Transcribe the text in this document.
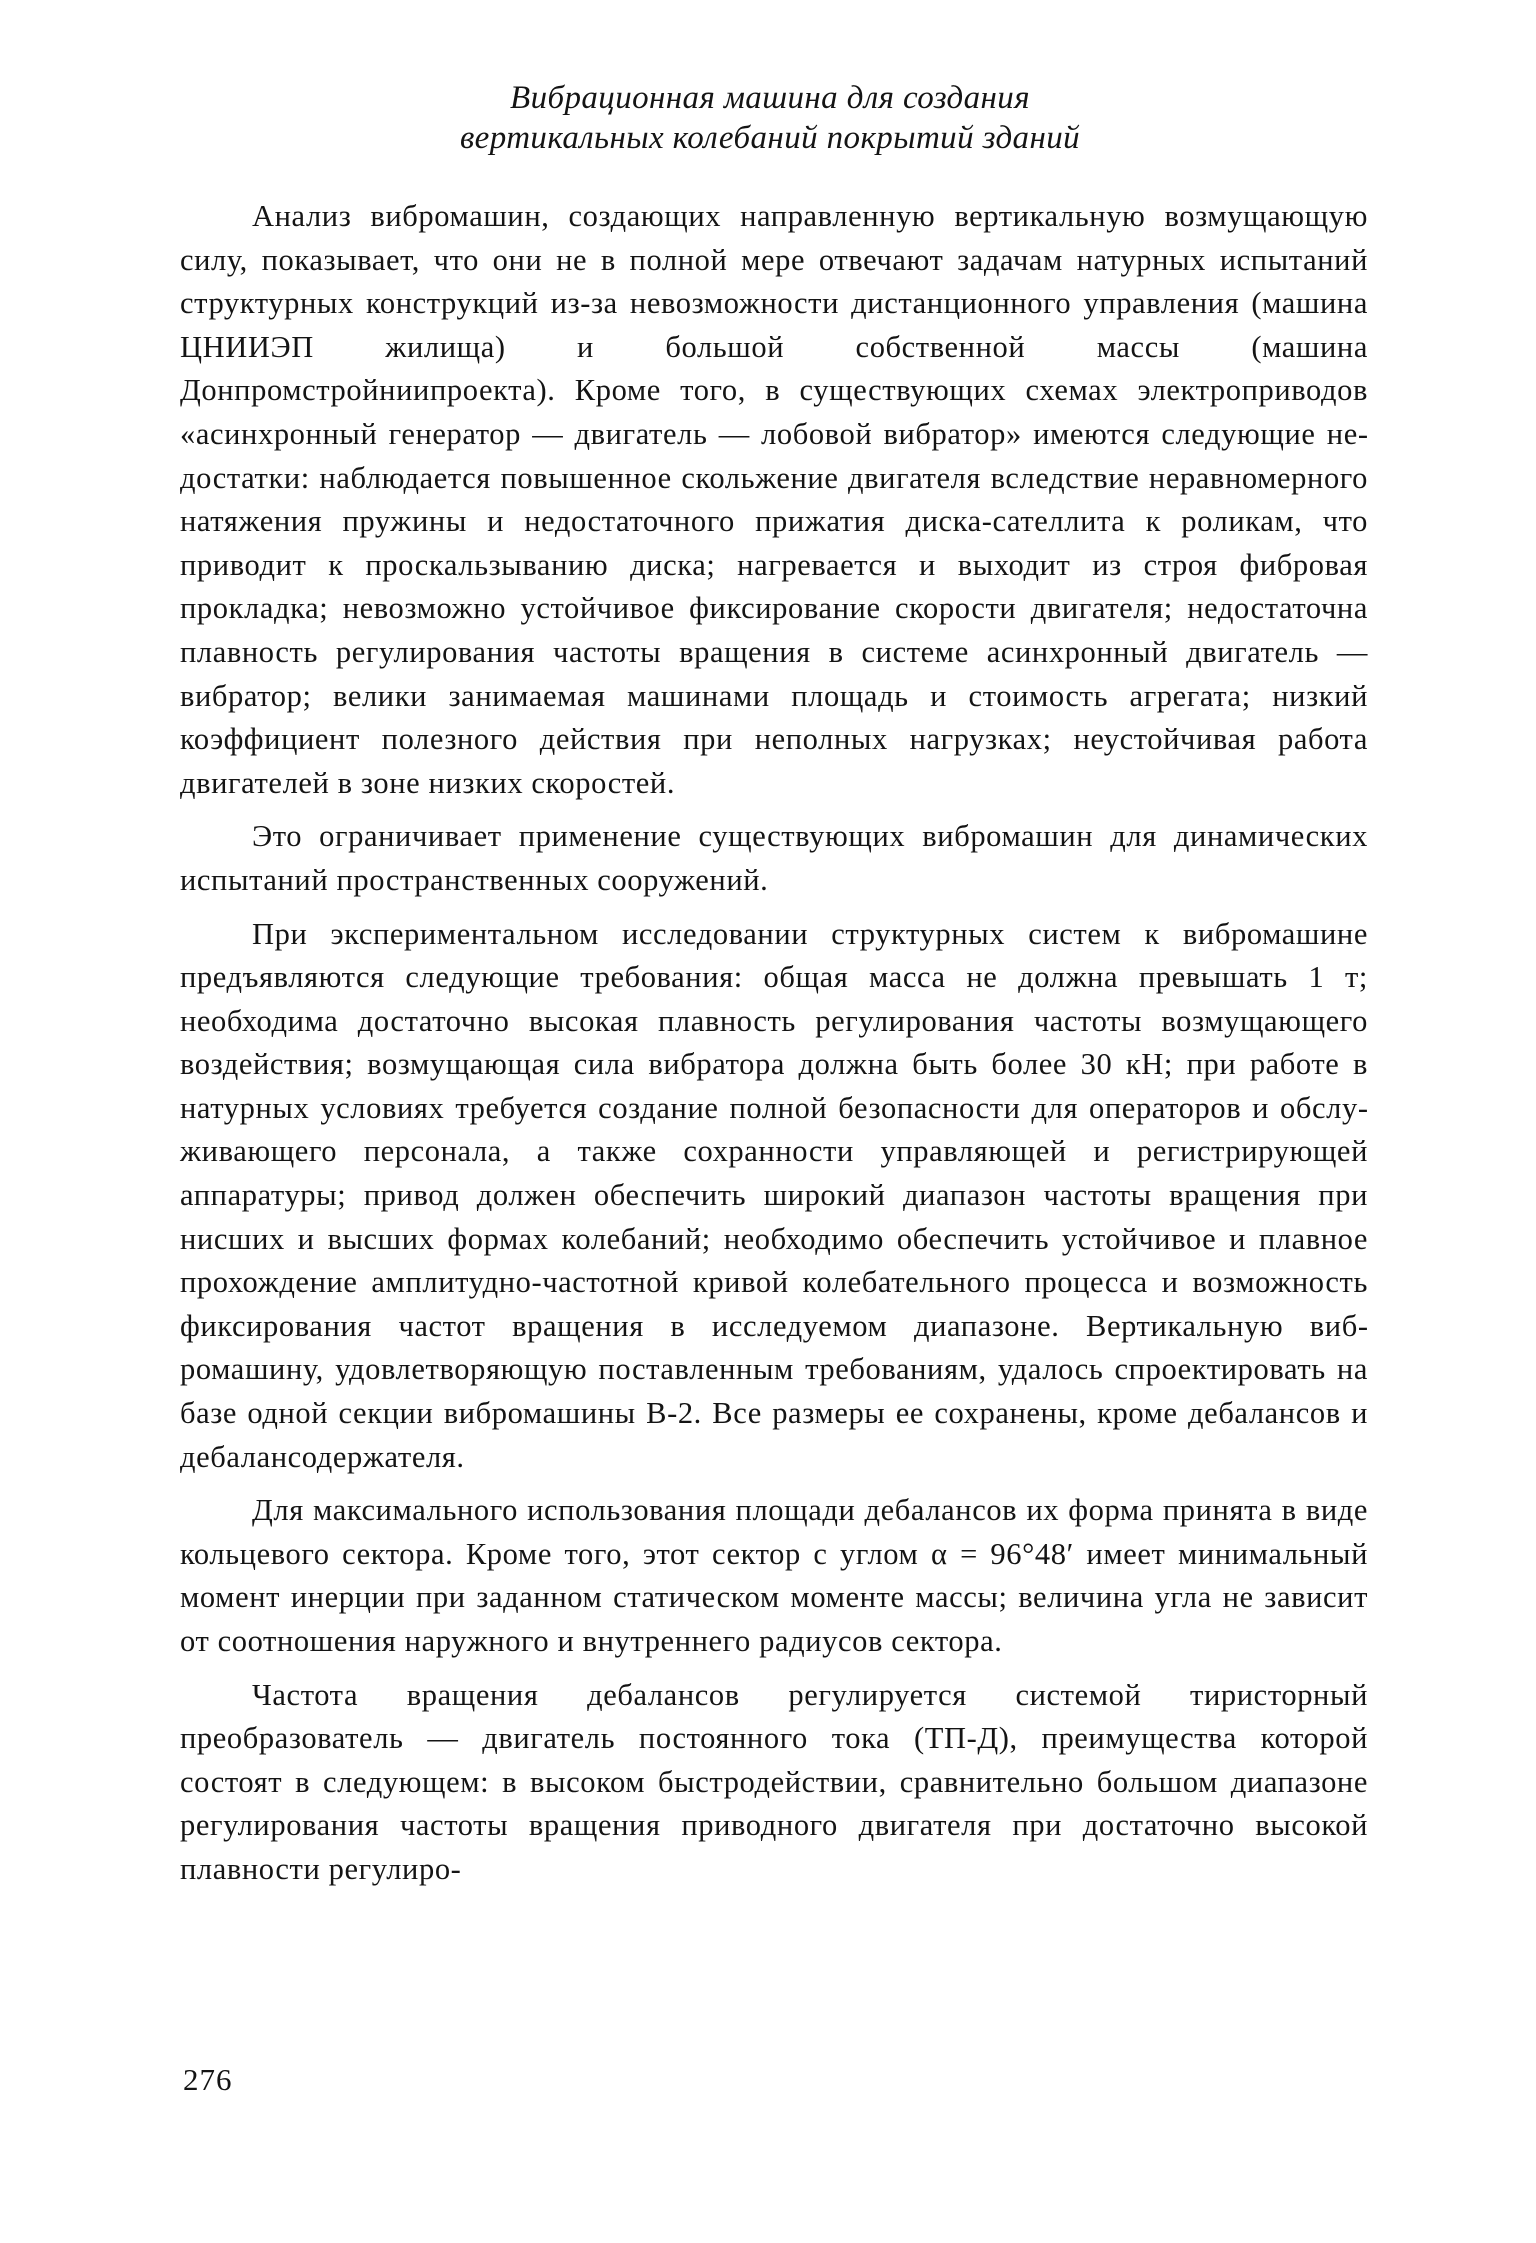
Вибрационная машина для создания
вертикальных колебаний покрытий зданий

Анализ вибромашин, создающих направленную вертикальную возмущающую силу, показывает, что они не в полной мере отвечают задачам натурных испытаний структурных конструкций из-за невозможности дистанционного управления (машина ЦНИИЭП жилища) и большой собственной массы (машина Донпромстройниипроекта). Кроме того, в существующих схемах электроприводов «асинхронный генератор — двигатель — лобовой вибратор» имеются следующие недостатки: наблюдается повышенное скольжение двигателя вследствие неравномерного натяжения пружины и недостаточного прижатия диска-сателлита к роликам, что приводит к проскальзыванию диска; нагревается и выходит из строя фибровая прокладка; невозможно устойчивое фиксирование скорости двигателя; недостаточна плавность регулирования частоты вращения в системе асинхронный двигатель — вибратор; велики занимаемая машинами площадь и стоимость агрегата; низкий коэффициент полезного действия при неполных нагрузках; неустойчивая работа двигателей в зоне низких скоростей.

Это ограничивает применение существующих вибромашин для динамических испытаний пространственных сооружений.

При экспериментальном исследовании структурных систем к вибромашине предъявляются следующие требования: общая масса не должна превышать 1 т; необходима достаточно высокая плавность регулирования частоты возмущающего воздействия; возмущающая сила вибратора должна быть более 30 кН; при работе в натурных условиях требуется создание полной безопасности для операторов и обслуживающего персонала, а также сохранности управляющей и регистрирующей аппаратуры; привод должен обеспечить широкий диапазон частоты вращения при нисших и высших формах колебаний; необходимо обеспечить устойчивое и плавное прохождение амплитудно-частотной кривой колебательного процесса и возможность фиксирования частот вращения в исследуемом диапазоне. Вертикальную вибромашину, удовлетворяющую поставленным требованиям, удалось спроектировать на базе одной секции вибромашины В-2. Все размеры ее сохранены, кроме дебалансов и дебалансодержателя.

Для максимального использования площади дебалансов их форма принята в виде кольцевого сектора. Кроме того, этот сектор с углом α = 96°48′ имеет минимальный момент инерции при заданном статическом моменте массы; величина угла не зависит от соотношения наружного и внутреннего радиусов сектора.

Частота вращения дебалансов регулируется системой тиристорный преобразователь — двигатель постоянного тока (ТП-Д), преимущества которой состоят в следующем: в высоком быстродействии, сравнительно большом диапазоне регулирования частоты вращения приводного двигателя при достаточно высокой плавности регулиро-

276
